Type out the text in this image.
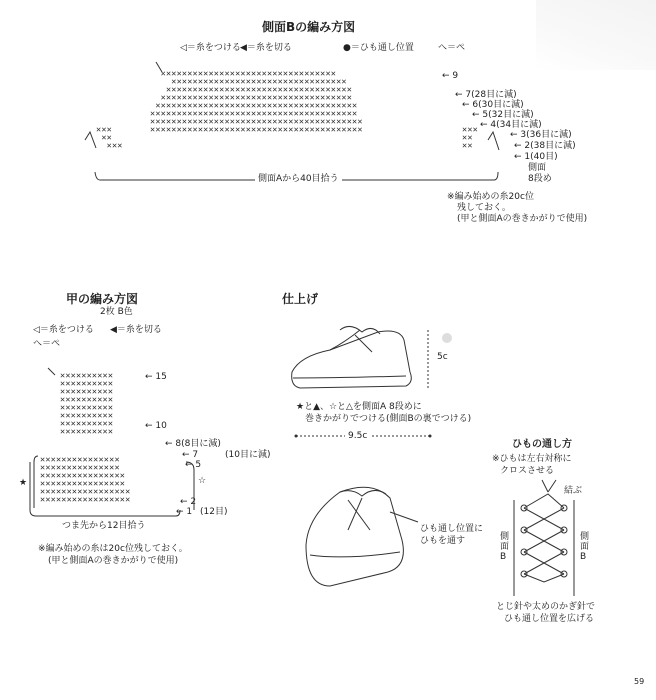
側面Bの編み方図
◁＝糸をつける ◀＝糸を切る	●＝ひも通し位置	へ＝ペ
✕✕✕✕✕✕✕✕✕✕✕✕✕✕✕✕✕✕✕✕✕✕✕✕✕✕✕✕✕✕✕✕✕
✕✕✕✕✕✕✕✕✕✕✕✕✕✕✕✕✕✕✕✕✕✕✕✕✕✕✕✕✕✕✕✕✕
✕✕✕✕✕✕✕✕✕✕✕✕✕✕✕✕✕✕✕✕✕✕✕✕✕✕✕✕✕✕✕✕✕✕✕
✕✕✕✕✕✕✕✕✕✕✕✕✕✕✕✕✕✕✕✕✕✕✕✕✕✕✕✕✕✕✕✕✕✕✕✕
✕✕✕✕✕✕✕✕✕✕✕✕✕✕✕✕✕✕✕✕✕✕✕✕✕✕✕✕✕✕✕✕✕✕✕✕✕✕
✕✕✕✕✕✕✕✕✕✕✕✕✕✕✕✕✕✕✕✕✕✕✕✕✕✕✕✕✕✕✕✕✕✕✕✕✕✕✕
✕✕✕✕✕✕✕✕✕✕✕✕✕✕✕✕✕✕✕✕✕✕✕✕✕✕✕✕✕✕✕✕✕✕✕✕✕✕✕✕
✕✕✕✕✕✕✕✕✕✕✕✕✕✕✕✕✕✕✕✕✕✕✕✕✕✕✕✕✕✕✕✕✕✕✕✕✕✕✕✕
✕✕✕
✕✕
✕✕✕
✕✕✕
✕✕
✕✕
← 9
← 7(28目に減)
← 6(30目に減)
← 5(32目に減)
← 4(34目に減)
← 3(36目に減)
← 2(38目に減)
← 1(40目)
側面
8段め
側面Aから40目拾う
※編み始めの糸20c位
残しておく。
(甲と側面Aの巻きかがりで使用)
甲の編み方図
2枚 B色
◁＝糸をつける ◀＝糸を切る
へ＝ペ
✕✕✕✕✕✕✕✕✕✕
✕✕✕✕✕✕✕✕✕✕
✕✕✕✕✕✕✕✕✕✕
✕✕✕✕✕✕✕✕✕✕
✕✕✕✕✕✕✕✕✕✕
✕✕✕✕✕✕✕✕✕✕
✕✕✕✕✕✕✕✕✕✕
✕✕✕✕✕✕✕✕✕✕
✕✕✕✕✕✕✕✕✕✕✕✕✕✕✕
✕✕✕✕✕✕✕✕✕✕✕✕✕✕✕
✕✕✕✕✕✕✕✕✕✕✕✕✕✕✕✕
✕✕✕✕✕✕✕✕✕✕✕✕✕✕✕✕
✕✕✕✕✕✕✕✕✕✕✕✕✕✕✕✕✕
✕✕✕✕✕✕✕✕✕✕✕✕✕✕✕✕✕
← 15
← 10
← 8(8目に減)
← 7	(10目に減)
← 5
← 2
← 1 (12目)
★	☆
つま先から12目拾う
※編み始めの糸は20c位残しておく。
(甲と側面Aの巻きかがりで使用)
仕上げ
5c
★と▲、☆と△を側面A 8段めに
巻きかがりでつける(側面Bの裏でつける)
9.5c
ひも通し位置に
ひもを通す
ひもの通し方
※ひもは左右対称に
クロスさせる
結ぶ
側
面
B
側
面
B
とじ針や太めのかぎ針で
ひも通し位置を広げる
59
